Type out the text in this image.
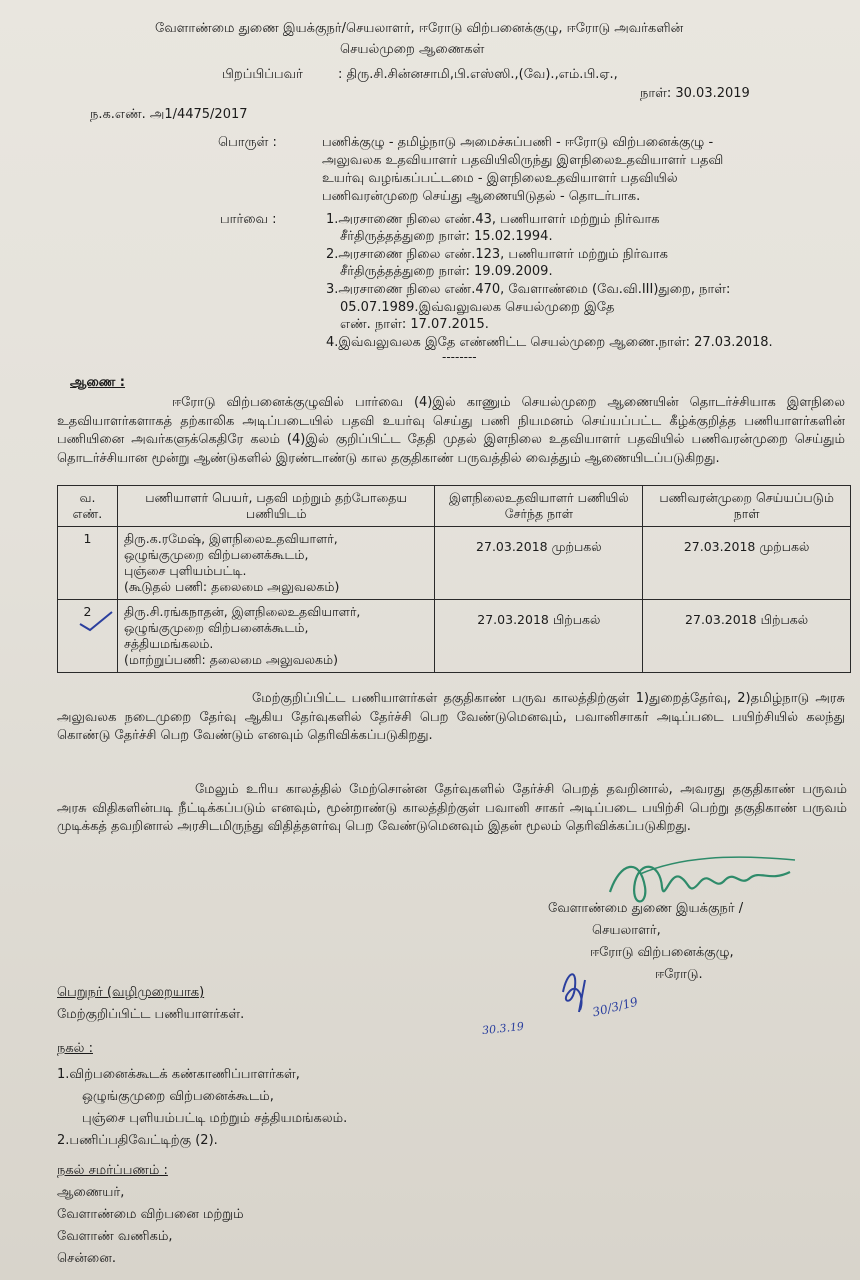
வேளாண்மை துணை இயக்குநர்/செயலாளர், ஈரோடு விற்பனைக்குழு, ஈரோடு அவர்களின்
செயல்முறை ஆணைகள்
பிறப்பிப்பவர்	: திரு.சி.சின்னசாமி,பி.எஸ்ஸி.,(வே).,எம்.பி.ஏ.,
நாள்: 30.03.2019
ந.க.எண். அ1/4475/2017
பொருள் :	பணிக்குழு - தமிழ்நாடு அமைச்சுப்பணி - ஈரோடு விற்பனைக்குழு -
அலுவலக உதவியாளர் பதவியிலிருந்து இளநிலைஉதவியாளர் பதவி
உயர்வு வழங்கப்பட்டமை - இளநிலைஉதவியாளர் பதவியில்
பணிவரன்முறை செய்து ஆணையிடுதல் - தொடர்பாக.
பார்வை :	1.அரசாணை நிலை எண்.43, பணியாளர் மற்றும் நிர்வாக
சீர்திருத்தத்துறை நாள்: 15.02.1994.
2.அரசாணை நிலை எண்.123, பணியாளர் மற்றும் நிர்வாக
சீர்திருத்தத்துறை நாள்: 19.09.2009.
3.அரசாணை நிலை எண்.470, வேளாண்மை (வே.வி.III)துறை, நாள்:
05.07.1989.இவ்வலுவலக செயல்முறை இதே
எண். நாள்: 17.07.2015.
4.இவ்வலுவலக இதே எண்ணிட்ட செயல்முறை ஆணை.நாள்: 27.03.2018.
--------
ஆணை :
ஈரோடு விற்பனைக்குழுவில் பார்வை (4)இல் காணும் செயல்முறை ஆணையின் தொடர்ச்சியாக இளநிலை உதவியாளர்களாகத் தற்காலிக அடிப்படையில் பதவி உயர்வு செய்து பணி நியமனம் செய்யப்பட்ட கீழ்க்குறித்த பணியாளர்களின் பணியினை அவர்களுக்கெதிரே கலம் (4)இல் குறிப்பிட்ட தேதி முதல் இளநிலை உதவியாளர் பதவியில் பணிவரன்முறை செய்தும் தொடர்ச்சியான மூன்று ஆண்டுகளில் இரண்டாண்டு கால தகுதிகாண் பருவத்தில் வைத்தும் ஆணையிடப்படுகிறது.
வ. எண்.	பணியாளர் பெயர், பதவி மற்றும் தற்போதைய பணியிடம்	இளநிலைஉதவியாளர் பணியில் சேர்ந்த நாள்	பணிவரன்முறை செய்யப்படும் நாள்
1	திரு.க.ரமேஷ், இளநிலைஉதவியாளர்,
ஒழுங்குமுறை விற்பனைக்கூடம்,
புஞ்சை புளியம்பட்டி.
(கூடுதல் பணி: தலைமை அலுவலகம்)	27.03.2018 முற்பகல்	27.03.2018 முற்பகல்
2	திரு.சி.ரங்கநாதன், இளநிலைஉதவியாளர்,
ஒழுங்குமுறை விற்பனைக்கூடம்,
சத்தியமங்கலம்.
(மாற்றுப்பணி: தலைமை அலுவலகம்)	27.03.2018 பிற்பகல்	27.03.2018 பிற்பகல்
மேற்குறிப்பிட்ட பணியாளர்கள் தகுதிகாண் பருவ காலத்திற்குள் 1)துறைத்தேர்வு, 2)தமிழ்நாடு அரசு அலுவலக நடைமுறை தேர்வு ஆகிய தேர்வுகளில் தேர்ச்சி பெற வேண்டுமெனவும், பவானிசாகர் அடிப்படை பயிற்சியில் கலந்து கொண்டு தேர்ச்சி பெற வேண்டும் எனவும் தெரிவிக்கப்படுகிறது.
மேலும் உரிய காலத்தில் மேற்சொன்ன தேர்வுகளில் தேர்ச்சி பெறத் தவறினால், அவரது தகுதிகாண் பருவம் அரசு விதிகளின்படி நீட்டிக்கப்படும் எனவும், மூன்றாண்டு காலத்திற்குள் பவானி சாகர் அடிப்படை பயிற்சி பெற்று தகுதிகாண் பருவம் முடிக்கத் தவறினால் அரசிடமிருந்து விதித்தளர்வு பெற வேண்டுமெனவும் இதன் மூலம் தெரிவிக்கப்படுகிறது.
வேளாண்மை துணை இயக்குநர் /
செயலாளர்,
ஈரோடு விற்பனைக்குழு,
ஈரோடு.
30/3/19
30.3.19
பெறுநர் (வழிமுறையாக)
மேற்குறிப்பிட்ட பணியாளர்கள்.
நகல் :
1.விற்பனைக்கூடக் கண்காணிப்பாளர்கள்,
ஒழுங்குமுறை விற்பனைக்கூடம்,
புஞ்சை புளியம்பட்டி மற்றும் சத்தியமங்கலம்.
2.பணிப்பதிவேட்டிற்கு (2).
நகல் சமர்ப்பணம் :
ஆணையர்,
வேளாண்மை விற்பனை மற்றும்
வேளாண் வணிகம்,
சென்னை.
